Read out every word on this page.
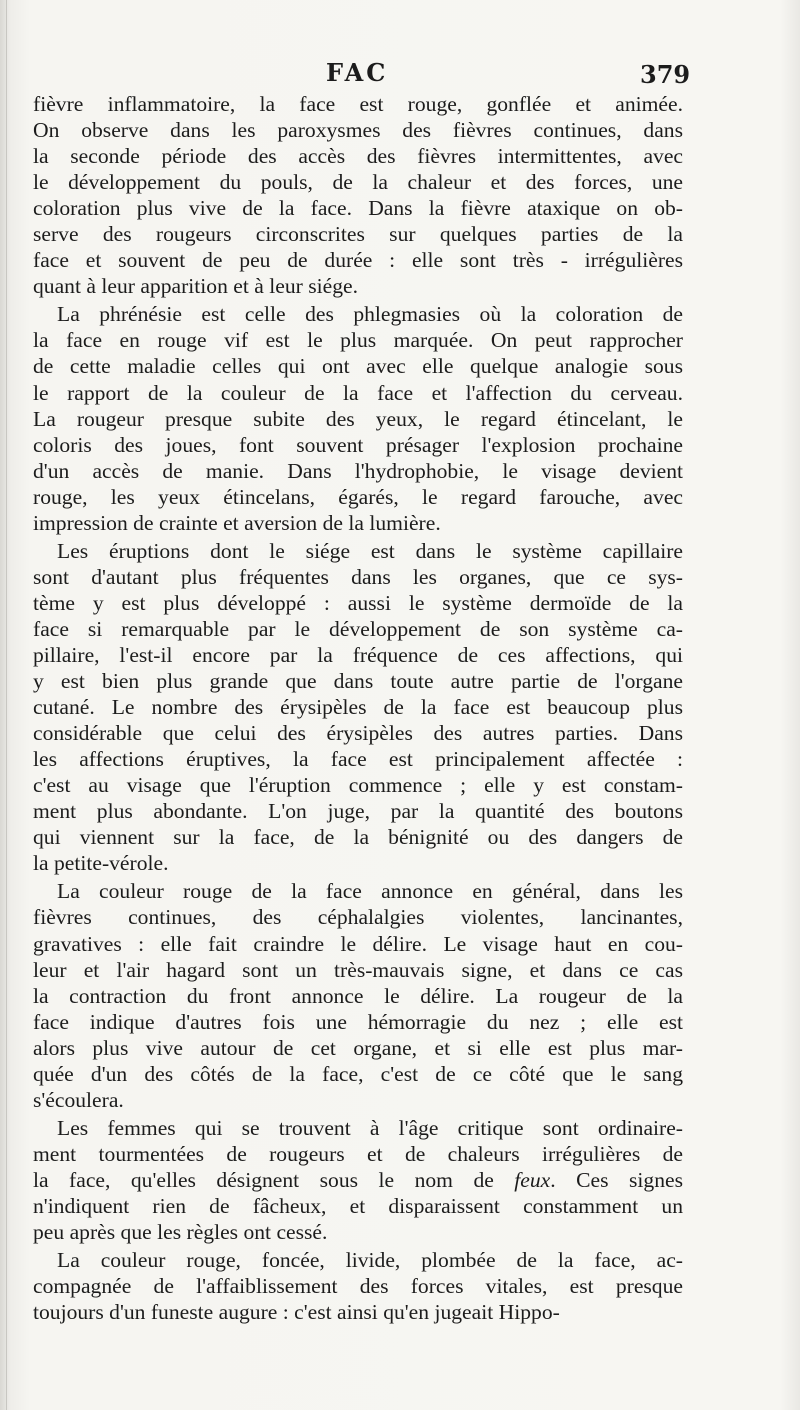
FAC	379
fièvre inflammatoire, la face est rouge, gonflée et animée.
On observe dans les paroxysmes des fièvres continues, dans
la seconde période des accès des fièvres intermittentes, avec
le développement du pouls, de la chaleur et des forces, une
coloration plus vive de la face. Dans la fièvre ataxique on ob-
serve des rougeurs circonscrites sur quelques parties de la
face et souvent de peu de durée : elle sont très - irrégulières
quant à leur apparition et à leur siége.
La phrénésie est celle des phlegmasies où la coloration de
la face en rouge vif est le plus marquée. On peut rapprocher
de cette maladie celles qui ont avec elle quelque analogie sous
le rapport de la couleur de la face et l'affection du cerveau.
La rougeur presque subite des yeux, le regard étincelant, le
coloris des joues, font souvent présager l'explosion prochaine
d'un accès de manie. Dans l'hydrophobie, le visage devient
rouge, les yeux étincelans, égarés, le regard farouche, avec
impression de crainte et aversion de la lumière.
Les éruptions dont le siége est dans le système capillaire
sont d'autant plus fréquentes dans les organes, que ce sys-
tème y est plus développé : aussi le système dermoïde de la
face si remarquable par le développement de son système ca-
pillaire, l'est-il encore par la fréquence de ces affections, qui
y est bien plus grande que dans toute autre partie de l'organe
cutané. Le nombre des érysipèles de la face est beaucoup plus
considérable que celui des érysipèles des autres parties. Dans
les affections éruptives, la face est principalement affectée :
c'est au visage que l'éruption commence ; elle y est constam-
ment plus abondante. L'on juge, par la quantité des boutons
qui viennent sur la face, de la bénignité ou des dangers de
la petite-vérole.
La couleur rouge de la face annonce en général, dans les
fièvres continues, des céphalalgies violentes, lancinantes,
gravatives : elle fait craindre le délire. Le visage haut en cou-
leur et l'air hagard sont un très-mauvais signe, et dans ce cas
la contraction du front annonce le délire. La rougeur de la
face indique d'autres fois une hémorragie du nez ; elle est
alors plus vive autour de cet organe, et si elle est plus mar-
quée d'un des côtés de la face, c'est de ce côté que le sang
s'écoulera.
Les femmes qui se trouvent à l'âge critique sont ordinaire-
ment tourmentées de rougeurs et de chaleurs irrégulières de
la face, qu'elles désignent sous le nom de feux. Ces signes
n'indiquent rien de fâcheux, et disparaissent constamment un
peu après que les règles ont cessé.
La couleur rouge, foncée, livide, plombée de la face, ac-
compagnée de l'affaiblissement des forces vitales, est presque
toujours d'un funeste augure : c'est ainsi qu'en jugeait Hippo-
